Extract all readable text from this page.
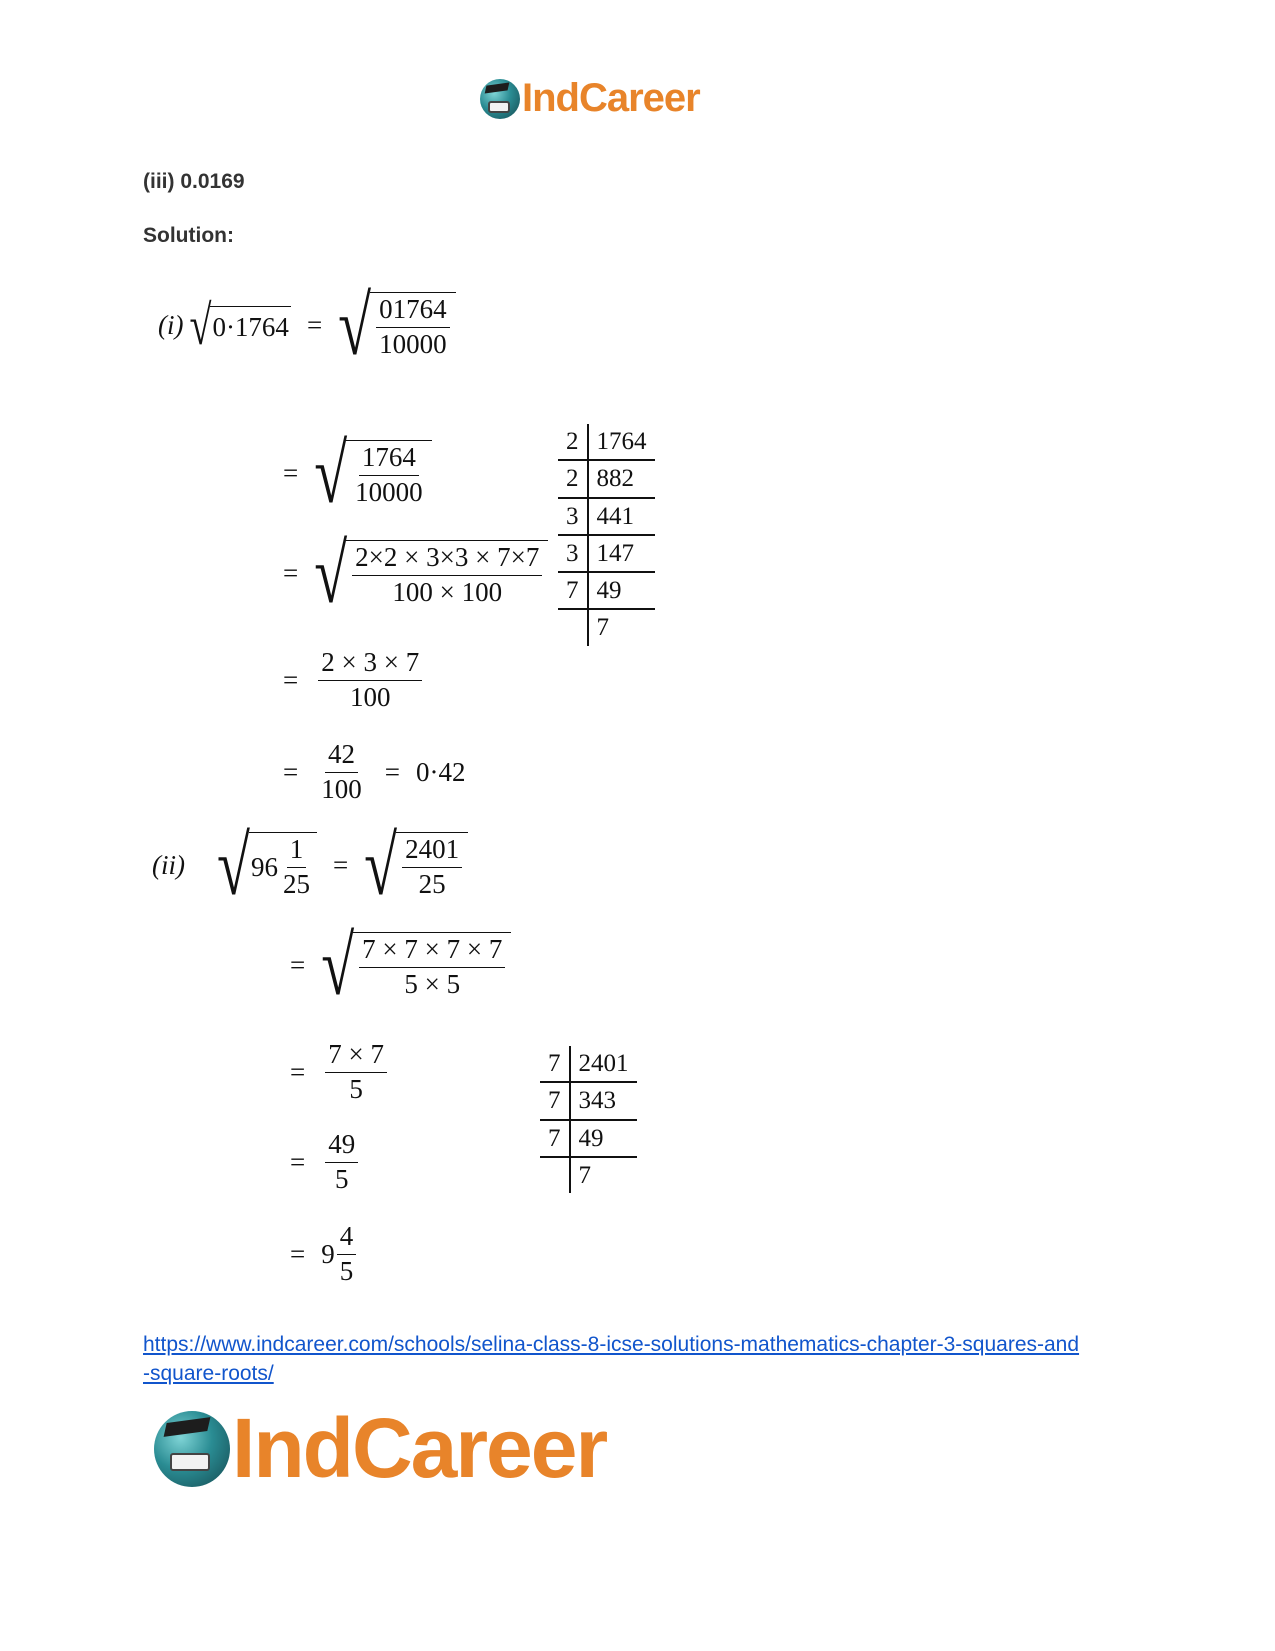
IndCareer
(iii) 0.0169
Solution:
(i) √ 0·1764 = √ $\frac{01764}{10000}$
= √ $\frac{1764}{10000}$
= √ $\frac{2\times 2 \times 3\times 3 \times 7\times 7}{100 \times 100}$
= $\frac{2 \times 3 \times 7}{100}$
= $\frac{42}{100} = 0\cdot 42$
2	1764
2	882
3	441
3	147
7	49
	7
(ii) √ $96 \frac{1}{25}$ = √ $\frac{2401}{25}$
= √ $\frac{7 \times 7 \times 7 \times 7}{5 \times 5}$
= $\frac{7 \times 7}{5}$
= $\frac{49}{5}$
= $9 \frac{4}{5}$
7	2401
7	343
7	49
	7
https://www.indcareer.com/schools/selina-class-8-icse-solutions-mathematics-chapter-3-squares-and-square-roots/
IndCareer
